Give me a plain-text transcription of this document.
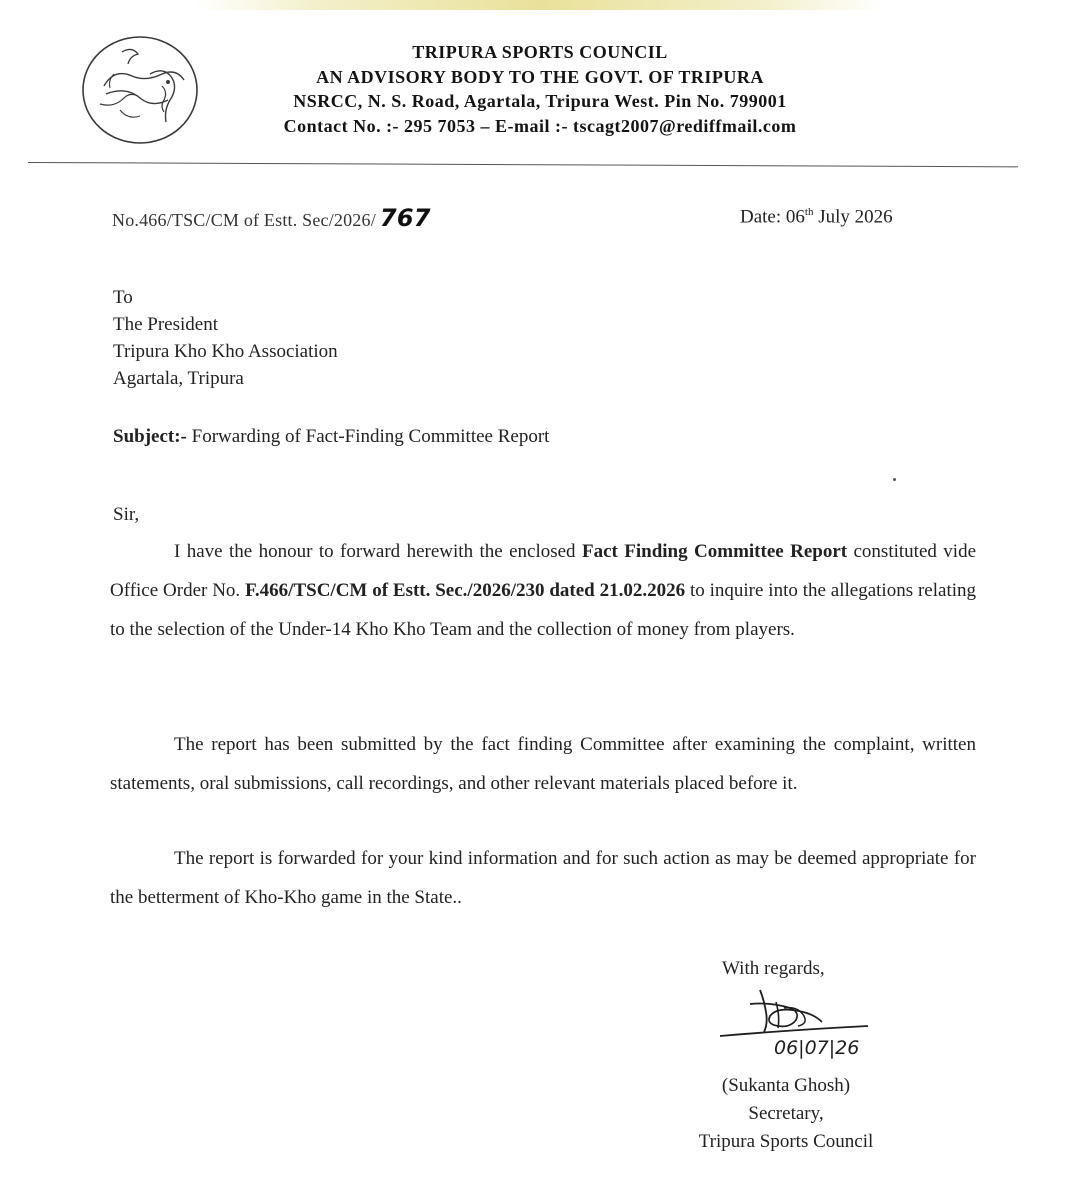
TRIPURA SPORTS COUNCIL
AN ADVISORY BODY TO THE GOVT. OF TRIPURA
NSRCC, N. S. Road, Agartala, Tripura West. Pin No. 799001
Contact No. :- 295 7053 – E-mail :- tscagt2007@rediffmail.com
No.466/TSC/CM of Estt. Sec/2026/ 767	Date: 06th July 2026
To
The President
Tripura Kho Kho Association
Agartala, Tripura
Subject:- Forwarding of Fact-Finding Committee Report
Sir,
I have the honour to forward herewith the enclosed Fact Finding Committee Report constituted vide Office Order No. F.466/TSC/CM of Estt. Sec./2026/230 dated 21.02.2026 to inquire into the allegations relating to the selection of the Under-14 Kho Kho Team and the collection of money from players.
The report has been submitted by the fact finding Committee after examining the complaint, written statements, oral submissions, call recordings, and other relevant materials placed before it.
The report is forwarded for your kind information and for such action as may be deemed appropriate for the betterment of Kho-Kho game in the State..
With regards,
06|07|26
(Sukanta Ghosh)
Secretary,
Tripura Sports Council
